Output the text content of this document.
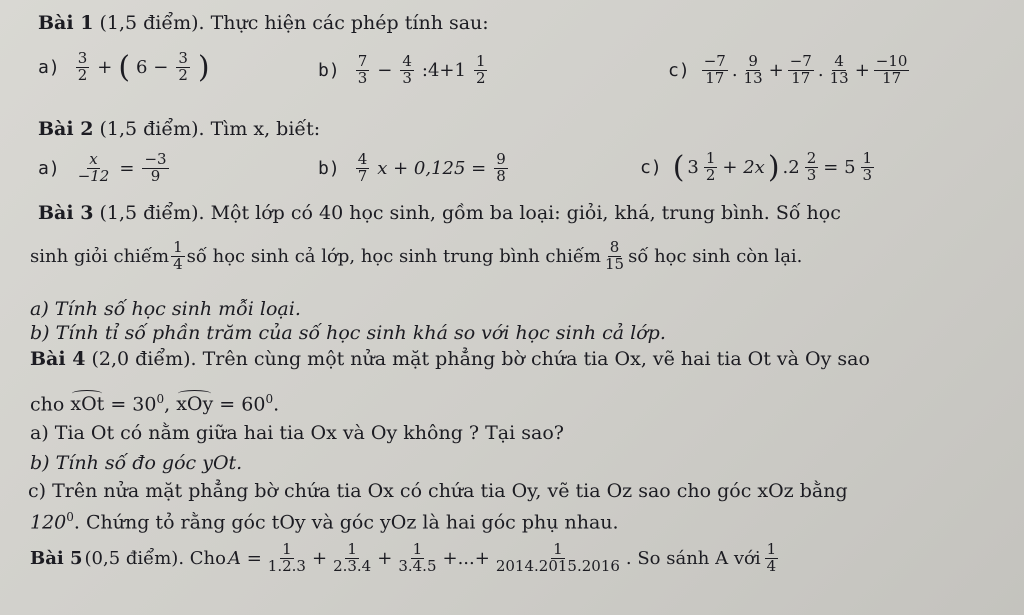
Bài 1 (1,5 điểm). Thực hiện các phép tính sau:
$a) \frac{3}{2}$ + ( $6 - \frac{3}{2}$ )	$b) \frac{7}{3} - \frac{4}{3}$ :4+1 $\frac{1}{2}$	$c) \frac{-7}{17}$ . $\frac{9}{13} + \frac{-7}{17}$ . $\frac{4}{13} + \frac{-10}{17}$
Bài 2 (1,5 điểm). Tìm x, biết:
$a) \frac{x}{-12} = \frac{-3}{9}$	$b) \frac{4}{7}$ $x + 0,125 = \frac{9}{8}$	c) ( $3 \frac{1}{2} + 2x$ ) $.2 \frac{2}{3} = 5 \frac{1}{3}$
Bài 3 (1,5 điểm). Một lớp có 40 học sinh, gồm ba loại: giỏi, khá, trung bình. Số học
sinh giỏi chiếm $\frac{1}{4}$ số học sinh cả lớp, học sinh trung bình chiếm $\frac{8}{15}$ số học sinh còn lại.
a) Tính số học sinh mỗi loại.
b) Tính tỉ số phần trăm của số học sinh khá so với học sinh cả lớp.
Bài 4 (2,0 điểm). Trên cùng một nửa mặt phẳng bờ chứa tia Ox, vẽ hai tia Ot và Oy sao
cho xOt = $30^0$, xOy = $60^0$.
a) Tia Ot có nằm giữa hai tia Ox và Oy không ? Tại sao?
b) Tính số đo góc yOt.
c) Trên nửa mặt phẳng bờ chứa tia Ox có chứa tia Oy, vẽ tia Oz sao cho góc xOz bằng
$120^0$. Chứng tỏ rằng góc tOy và góc yOz là hai góc phụ nhau.
Bài 5 (0,5 điểm). Cho $A = \frac{1}{1.2.3} + \frac{1}{2.3.4} + \frac{1}{3.4.5}$ +...+ $\frac{1}{2014.2015.2016}$ . So sánh A với $\frac{1}{4}$
